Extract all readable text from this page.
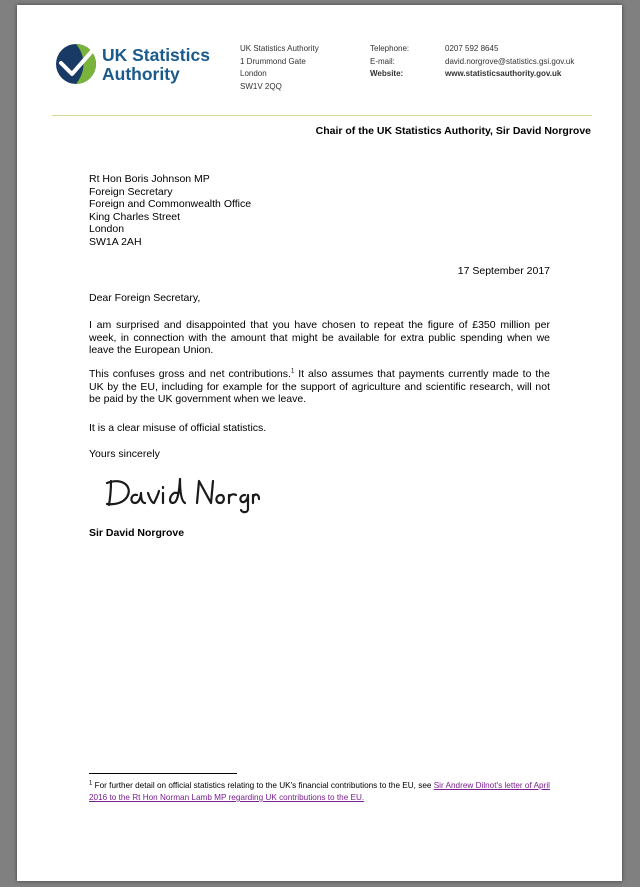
UK Statistics
Authority
UK Statistics Authority
1 Drummond Gate
London
SW1V 2QQ
Telephone:
E-mail:
Website:
0207 592 8645
david.norgrove@statistics.gsi.gov.uk
www.statisticsauthority.gov.uk
Chair of the UK Statistics Authority, Sir David Norgrove
Rt Hon Boris Johnson MP
Foreign Secretary
Foreign and Commonwealth Office
King Charles Street
London
SW1A 2AH
17 September 2017
Dear Foreign Secretary,
I am surprised and disappointed that you have chosen to repeat the figure of £350 million per week, in connection with the amount that might be available for extra public spending when we leave the European Union.
This confuses gross and net contributions.$^1$ It also assumes that payments currently made to the UK by the EU, including for example for the support of agriculture and scientific research, will not be paid by the UK government when we leave.
It is a clear misuse of official statistics.
Yours sincerely
Sir David Norgrove
$^1$ For further detail on official statistics relating to the UK's financial contributions to the EU, see Sir Andrew Dilnot's letter of April 2016 to the Rt Hon Norman Lamb MP regarding UK contributions to the EU.
